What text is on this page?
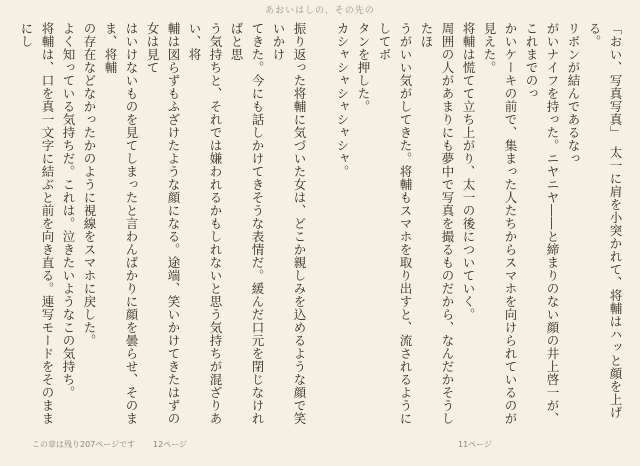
あおいはしの、その先の

「おい、写真写真」　太一に肩を小突かれて、将輔はハッと顔を上げる。

リボンが結んであるなっ

がいナイフを持った。ニヤニヤ――と締まりのない顔の井上啓一が、これまでのっ

かいケーキの前で、集まった人たちからスマホを向けられているのが見えた。

将輔は慌てて立ち上がり、太一の後についていく。

周囲の人があまりにも夢中で写真を撮るものだから、なんだかそうしたほ

うがいい気がしてきた。将輔もスマホを取り出すと、流されるようにしてボ

タンを押した。

カシャシャシャシャシャ。

振り返った将輔に気づいた女は、どこか親しみを込めるような顔で笑いかけ

てきた。今にも話しかけてきそうな表情だ。緩んだ口元を閉じなければと思

う気持ちと、それでは嫌われるかもしれないと思う気持ちが混ざりあい、将

輔は図らずもふざけたような顔になる。途端、笑いかけてきたはずの女は見て

はいけないものを見てしまったと言わんばかりに顔を曇らせ、そのまま、将輔

の存在などなかったかのように視線をスマホに戻した。

よく知っている気持ちだ。これは。泣きたいようなこの気持ち。

将輔は、口を真一文字に結ぶと前を向き直る。連写モードをそのままにし

この章は残り207ページです 12ページ	11ページ
